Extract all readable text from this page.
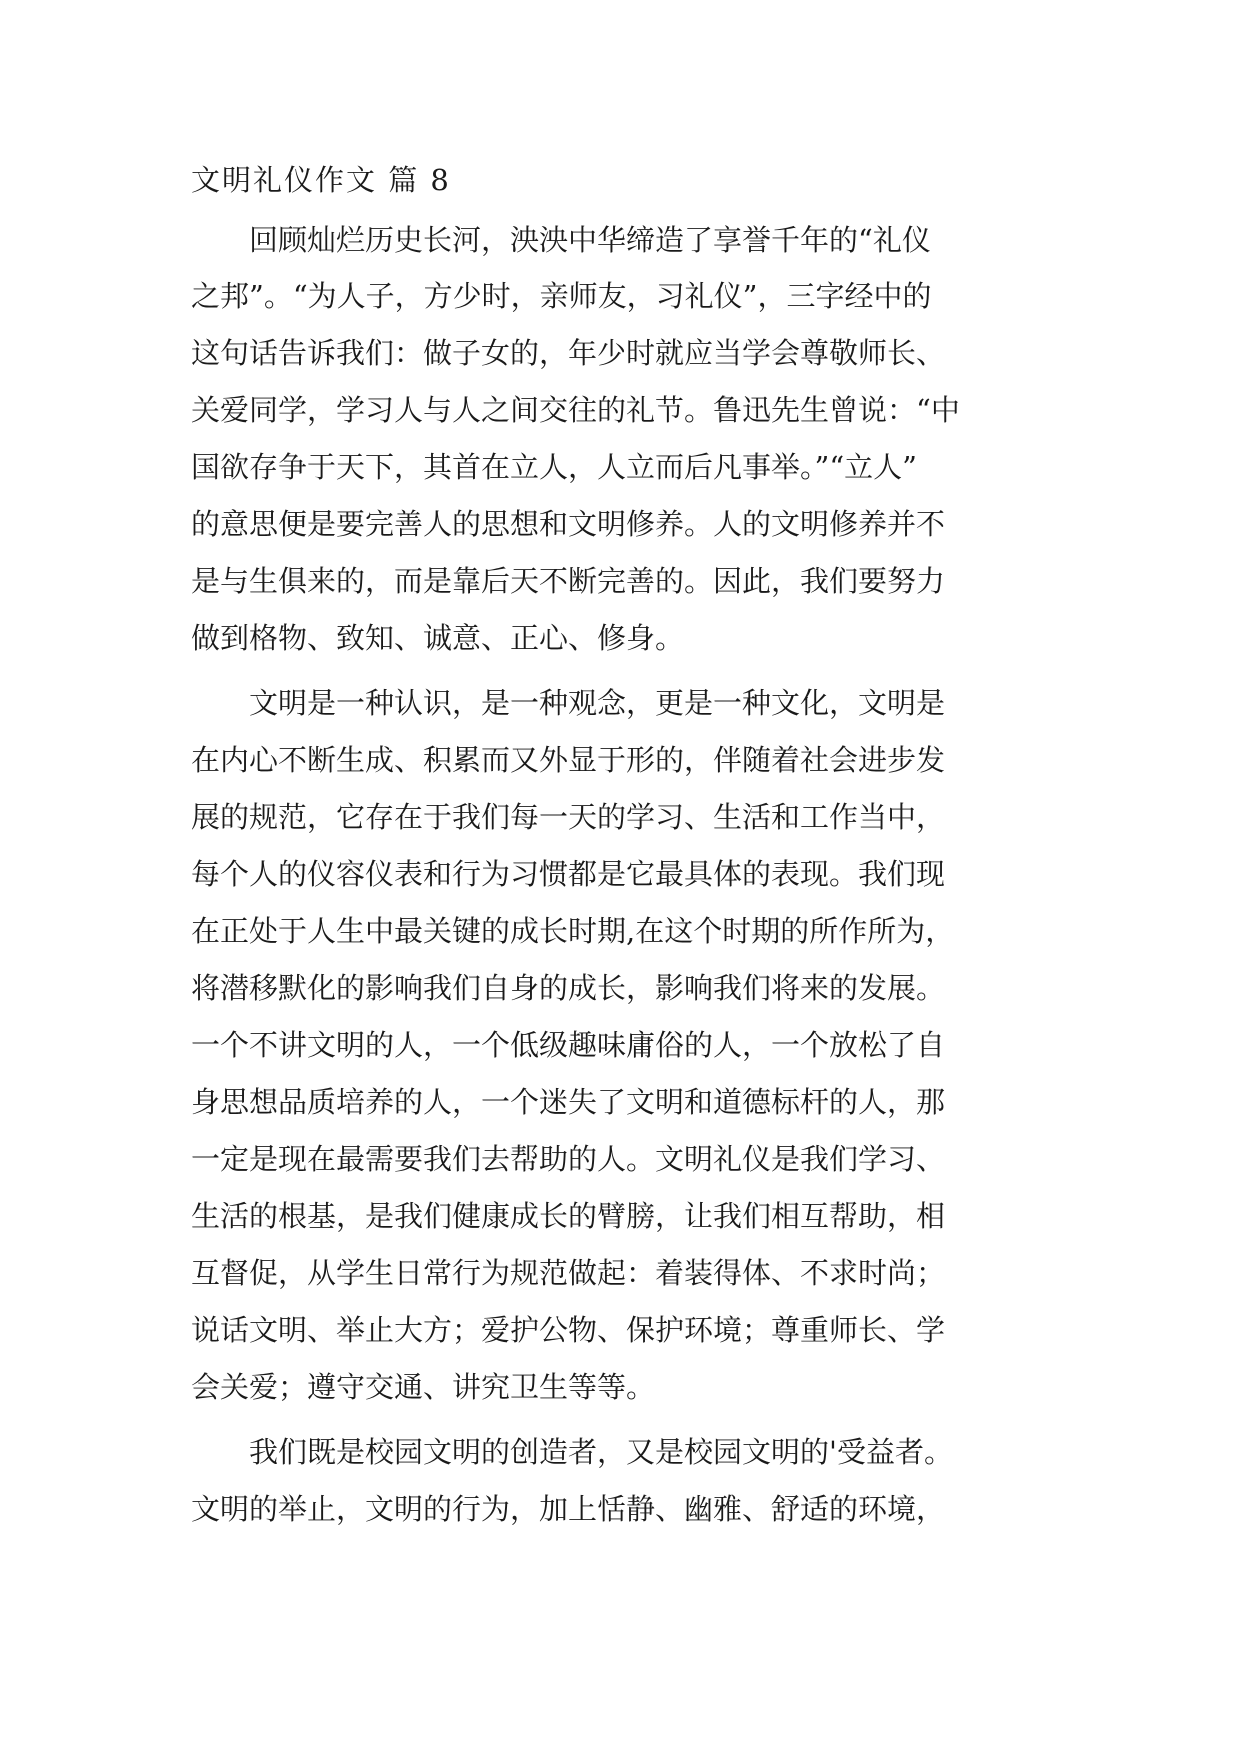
文明礼仪作文 篇 8

　　回顾灿烂历史长河，泱泱中华缔造了享誉千年的“礼仪

之邦”。“为人子，方少时，亲师友，习礼仪”，三字经中的

这句话告诉我们：做子女的，年少时就应当学会尊敬师长、

关爱同学，学习人与人之间交往的礼节。鲁迅先生曾说：“中

国欲存争于天下，其首在立人，人立而后凡事举。”“立人”

的意思便是要完善人的思想和文明修养。人的文明修养并不

是与生俱来的，而是靠后天不断完善的。因此，我们要努力

做到格物、致知、诚意、正心、修身。

　　文明是一种认识，是一种观念，更是一种文化，文明是

在内心不断生成、积累而又外显于形的，伴随着社会进步发

展的规范，它存在于我们每一天的学习、生活和工作当中，

每个人的仪容仪表和行为习惯都是它最具体的表现。我们现

在正处于人生中最关键的成长时期,在这个时期的所作所为，

将潜移默化的影响我们自身的成长，影响我们将来的发展。

一个不讲文明的人，一个低级趣味庸俗的人，一个放松了自

身思想品质培养的人，一个迷失了文明和道德标杆的人，那

一定是现在最需要我们去帮助的人。文明礼仪是我们学习、

生活的根基，是我们健康成长的臂膀，让我们相互帮助，相

互督促，从学生日常行为规范做起：着装得体、不求时尚；

说话文明、举止大方；爱护公物、保护环境；尊重师长、学

会关爱；遵守交通、讲究卫生等等。

　　我们既是校园文明的创造者，又是校园文明的'受益者。

文明的举止，文明的行为，加上恬静、幽雅、舒适的环境，
